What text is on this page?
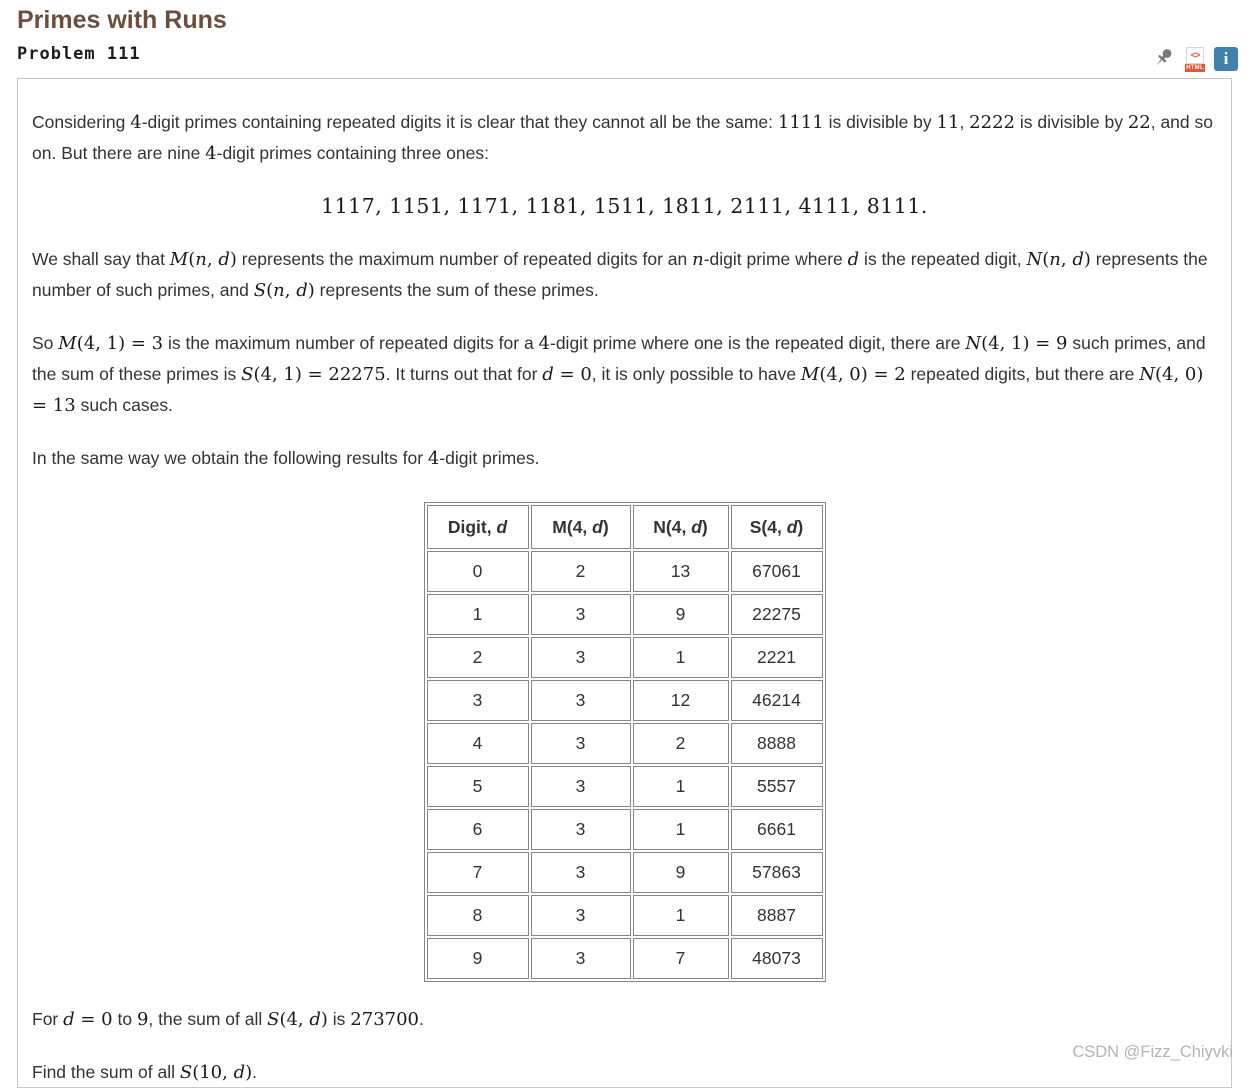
Primes with Runs
Problem 111	<>
HTML	i

Considering 4-digit primes containing repeated digits it is clear that they cannot all be the same: 1111 is divisible by 11, 2222 is divisible by 22, and so on. But there are nine 4-digit primes containing three ones:

1117, 1151, 1171, 1181, 1511, 1811, 2111, 4111, 8111.

We shall say that M(n, d) represents the maximum number of repeated digits for an n-digit prime where d is the repeated digit, N(n, d) represents the number of such primes, and S(n, d) represents the sum of these primes.

So M(4, 1) = 3 is the maximum number of repeated digits for a 4-digit prime where one is the repeated digit, there are N(4, 1) = 9 such primes, and the sum of these primes is S(4, 1) = 22275. It turns out that for d = 0, it is only possible to have M(4, 0) = 2 repeated digits, but there are N(4, 0) = 13 such cases.

In the same way we obtain the following results for 4-digit primes.

Digit, d	M(4, d)	N(4, d)	S(4, d)
0	2	13	67061
1	3	9	22275
2	3	1	2221
3	3	12	46214
4	3	2	8888
5	3	1	5557
6	3	1	6661
7	3	9	57863
8	3	1	8887
9	3	7	48073

For d = 0 to 9, the sum of all S(4, d) is 273700.

Find the sum of all S(10, d).

CSDN @Fizz_Chiyvki
